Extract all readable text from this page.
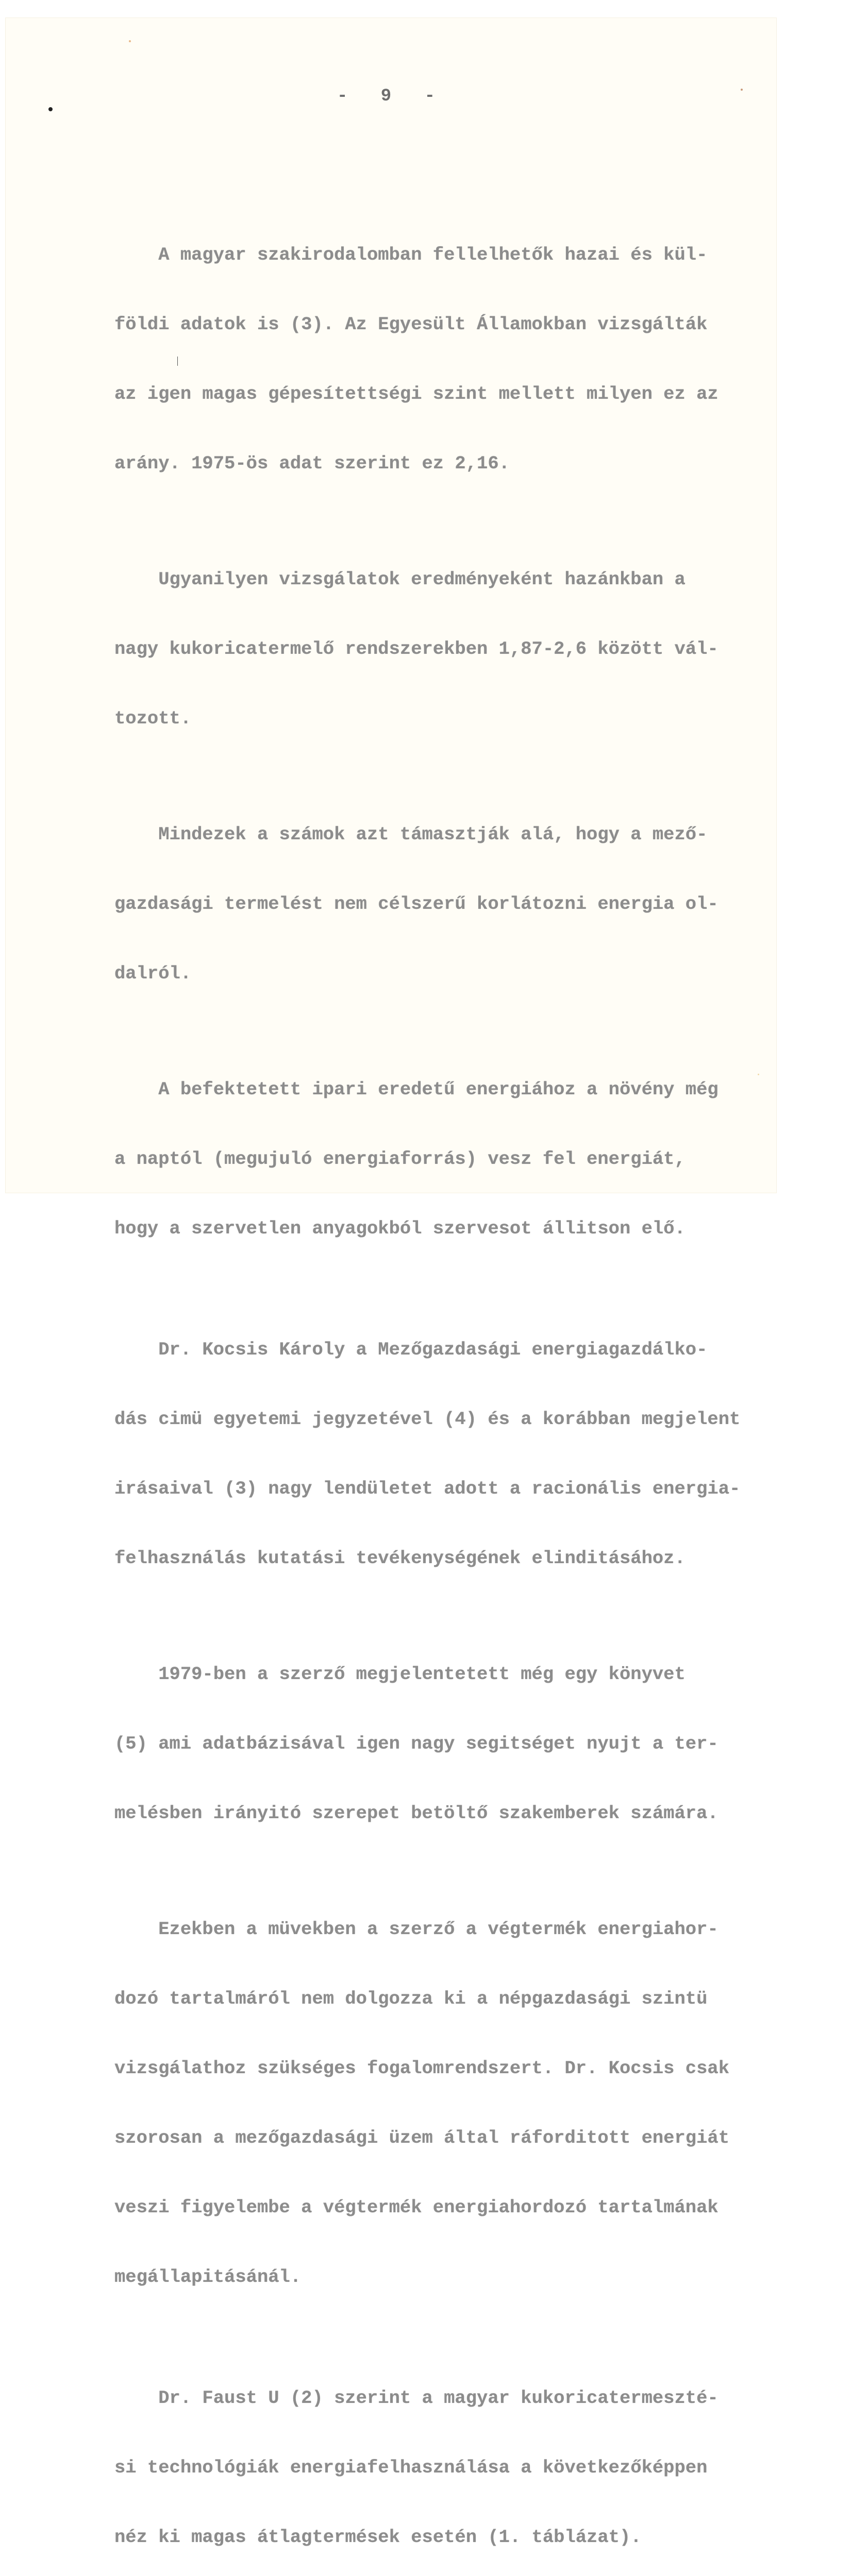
- 9 -

A magyar szakirodalomban fellelhetők hazai és kül-

földi adatok is (3). Az Egyesült Államokban vizsgálták

az igen magas gépesítettségi szint mellett milyen ez az

arány. 1975-ös adat szerint ez 2,16.

Ugyanilyen vizsgálatok eredményeként hazánkban a

nagy kukoricatermelő rendszerekben 1,87-2,6 között vál-

tozott.

Mindezek a számok azt támasztják alá, hogy a mező-

gazdasági termelést nem célszerű korlátozni energia ol-

dalról.

A befektetett ipari eredetű energiához a növény még

a naptól (megujuló energiaforrás) vesz fel energiát,

hogy a szervetlen anyagokból szervesot állitson elő.

Dr. Kocsis Károly a Mezőgazdasági energiagazdálko-

dás cimü egyetemi jegyzetével (4) és a korábban megjelent

irásaival (3) nagy lendületet adott a racionális energia-

felhasználás kutatási tevékenységének elinditásához.

1979-ben a szerző megjelentetett még egy könyvet

(5) ami adatbázisával igen nagy segitséget nyujt a ter-

melésben irányitó szerepet betöltő szakemberek számára.

Ezekben a müvekben a szerző a végtermék energiahor-

dozó tartalmáról nem dolgozza ki a népgazdasági szintü

vizsgálathoz szükséges fogalomrendszert. Dr. Kocsis csak

szorosan a mezőgazdasági üzem által ráforditott energiát

veszi figyelembe a végtermék energiahordozó tartalmának

megállapitásánál.

Dr. Faust U (2) szerint a magyar kukoricatermeszté-

si technológiák energiafelhasználása a következőképpen

néz ki magas átlagtermések esetén (1. táblázat).
